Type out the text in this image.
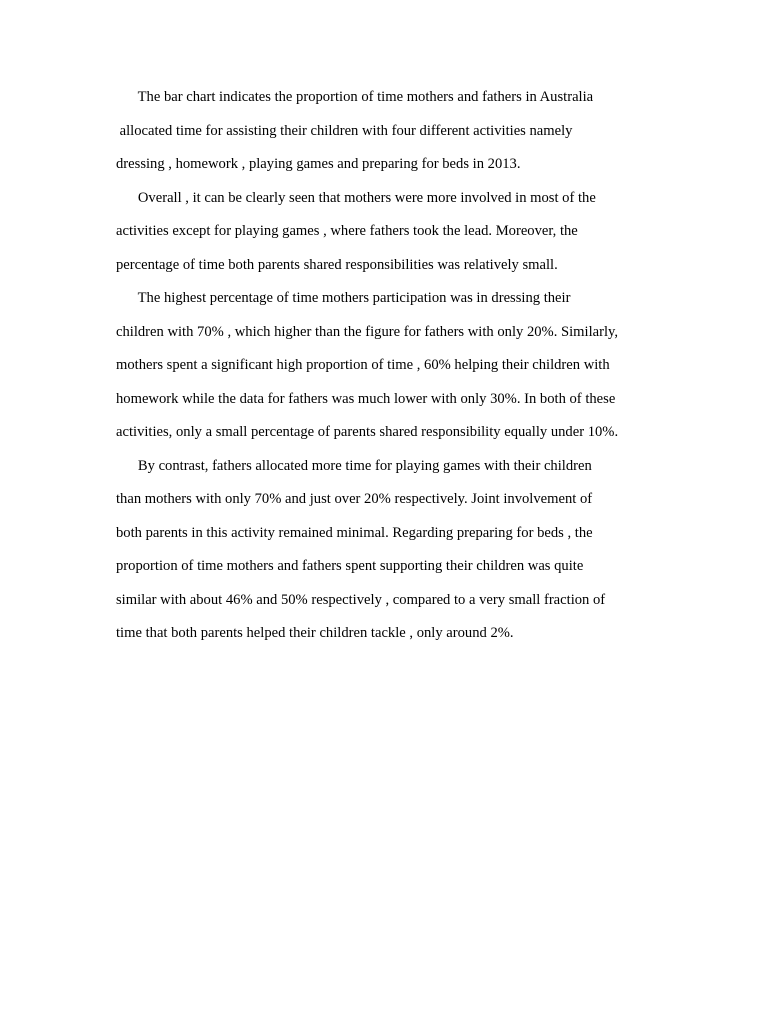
The bar chart indicates the proportion of time mothers and fathers in Australia
allocated time for assisting their children with four different activities namely
dressing , homework , playing games and preparing for beds in 2013.
Overall , it can be clearly seen that mothers were more involved in most of the
activities except for playing games , where fathers took the lead. Moreover, the
percentage of time both parents shared responsibilities was relatively small.
The highest percentage of time mothers participation was in dressing their
children with 70% , which higher than the figure for fathers with only 20%. Similarly,
mothers spent a significant high proportion of time , 60% helping their children with
homework while the data for fathers was much lower with only 30%. In both of these
activities, only a small percentage of parents shared responsibility equally under 10%.
By contrast, fathers allocated more time for playing games with their children
than mothers with only 70% and just over 20% respectively. Joint involvement of
both parents in this activity remained minimal. Regarding preparing for beds , the
proportion of time mothers and fathers spent supporting their children was quite
similar with about 46% and 50% respectively , compared to a very small fraction of
time that both parents helped their children tackle , only around 2%.
